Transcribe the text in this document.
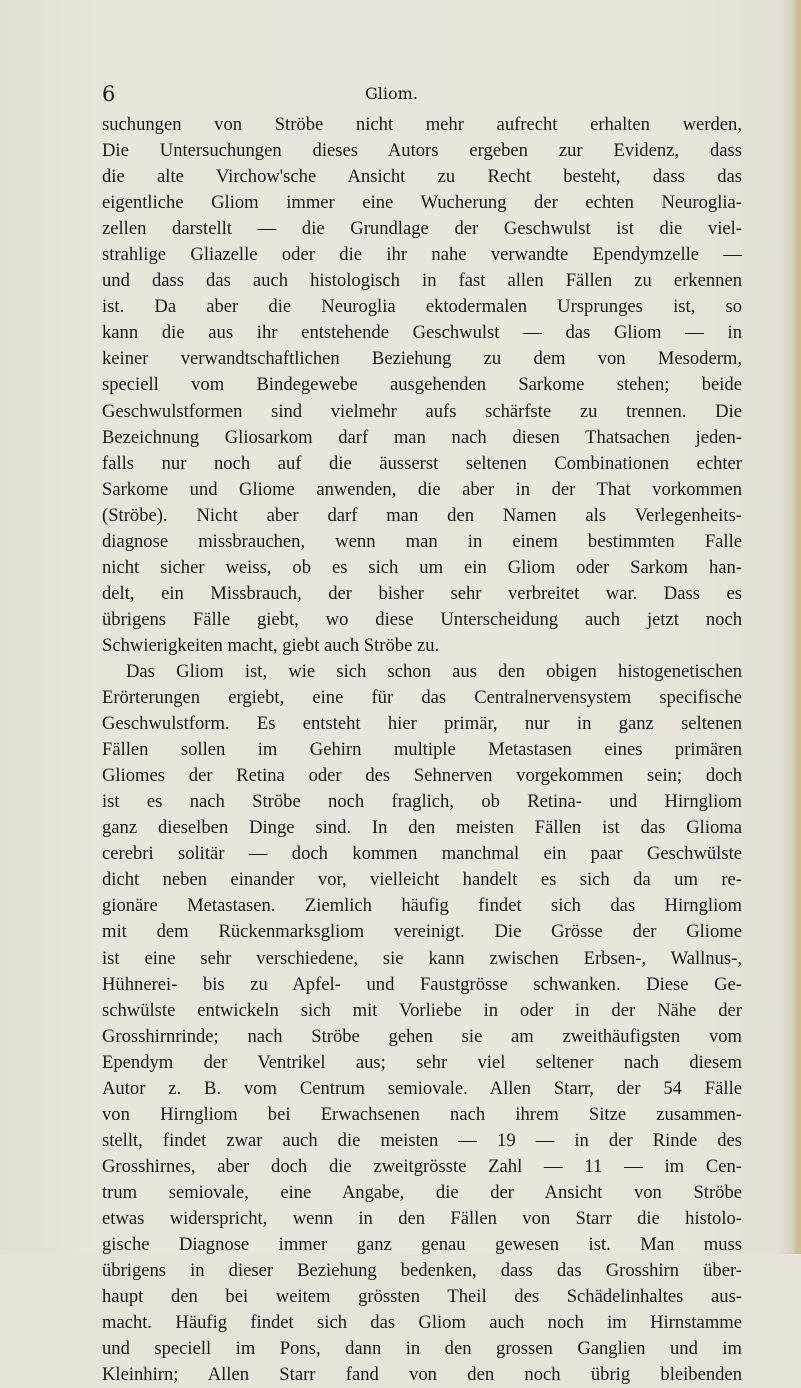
6	Gliom.
suchungen von Ströbe nicht mehr aufrecht erhalten werden,
Die Untersuchungen dieses Autors ergeben zur Evidenz, dass
die alte Virchow'sche Ansicht zu Recht besteht, dass das
eigentliche Gliom immer eine Wucherung der echten Neuroglia-
zellen darstellt — die Grundlage der Geschwulst ist die viel-
strahlige Gliazelle oder die ihr nahe verwandte Ependymzelle —
und dass das auch histologisch in fast allen Fällen zu erkennen
ist. Da aber die Neuroglia ektodermalen Ursprunges ist, so
kann die aus ihr entstehende Geschwulst — das Gliom — in
keiner verwandtschaftlichen Beziehung zu dem von Mesoderm,
speciell vom Bindegewebe ausgehenden Sarkome stehen; beide
Geschwulstformen sind vielmehr aufs schärfste zu trennen. Die
Bezeichnung Gliosarkom darf man nach diesen Thatsachen jeden-
falls nur noch auf die äusserst seltenen Combinationen echter
Sarkome und Gliome anwenden, die aber in der That vorkommen
(Ströbe). Nicht aber darf man den Namen als Verlegenheits-
diagnose missbrauchen, wenn man in einem bestimmten Falle
nicht sicher weiss, ob es sich um ein Gliom oder Sarkom han-
delt, ein Missbrauch, der bisher sehr verbreitet war. Dass es
übrigens Fälle giebt, wo diese Unterscheidung auch jetzt noch
Schwierigkeiten macht, giebt auch Ströbe zu.
Das Gliom ist, wie sich schon aus den obigen histogenetischen
Erörterungen ergiebt, eine für das Centralnervensystem specifische
Geschwulstform. Es entsteht hier primär, nur in ganz seltenen
Fällen sollen im Gehirn multiple Metastasen eines primären
Gliomes der Retina oder des Sehnerven vorgekommen sein; doch
ist es nach Ströbe noch fraglich, ob Retina- und Hirngliom
ganz dieselben Dinge sind. In den meisten Fällen ist das Glioma
cerebri solitär — doch kommen manchmal ein paar Geschwülste
dicht neben einander vor, vielleicht handelt es sich da um re-
gionäre Metastasen. Ziemlich häufig findet sich das Hirngliom
mit dem Rückenmarksgliom vereinigt. Die Grösse der Gliome
ist eine sehr verschiedene, sie kann zwischen Erbsen-, Wallnus-,
Hühnerei- bis zu Apfel- und Faustgrösse schwanken. Diese Ge-
schwülste entwickeln sich mit Vorliebe in oder in der Nähe der
Grosshirnrinde; nach Ströbe gehen sie am zweithäufigsten vom
Ependym der Ventrikel aus; sehr viel seltener nach diesem
Autor z. B. vom Centrum semiovale. Allen Starr, der 54 Fälle
von Hirngliom bei Erwachsenen nach ihrem Sitze zusammen-
stellt, findet zwar auch die meisten — 19 — in der Rinde des
Grosshirnes, aber doch die zweitgrösste Zahl — 11 — im Cen-
trum semiovale, eine Angabe, die der Ansicht von Ströbe
etwas widerspricht, wenn in den Fällen von Starr die histolo-
gische Diagnose immer ganz genau gewesen ist. Man muss
übrigens in dieser Beziehung bedenken, dass das Grosshirn über-
haupt den bei weitem grössten Theil des Schädelinhaltes aus-
macht. Häufig findet sich das Gliom auch noch im Hirnstamme
und speciell im Pons, dann in den grossen Ganglien und im
Kleinhirn; Allen Starr fand von den noch übrig bleibenden
